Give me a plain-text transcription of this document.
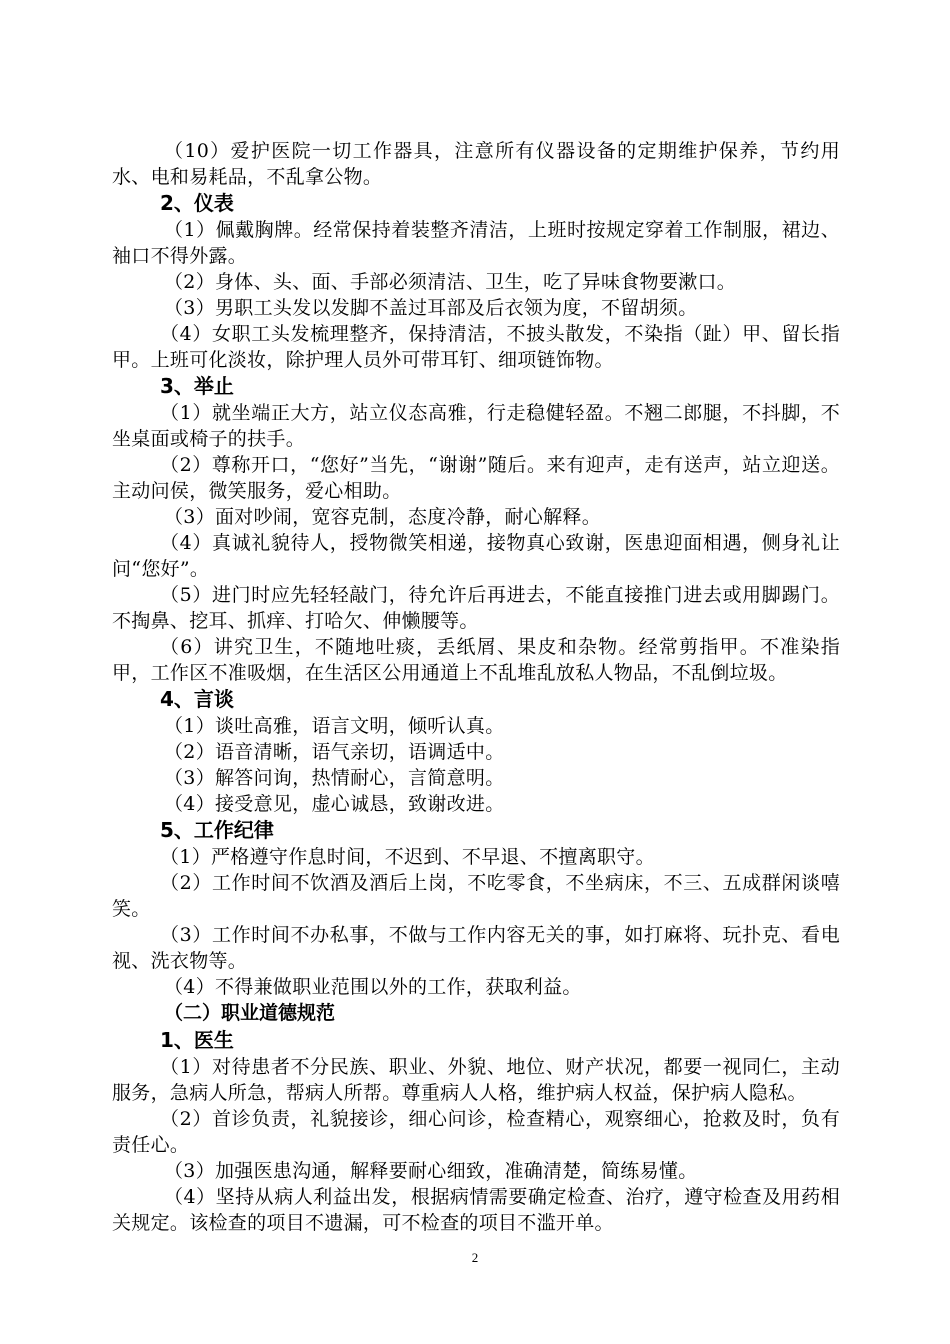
（10）爱护医院一切工作器具，注意所有仪器设备的定期维护保养，节约用水、电和易耗品，不乱拿公物。

2、仪表

（1）佩戴胸牌。经常保持着装整齐清洁，上班时按规定穿着工作制服，裙边、袖口不得外露。

（2）身体、头、面、手部必须清洁、卫生，吃了异味食物要漱口。

（3）男职工头发以发脚不盖过耳部及后衣领为度，不留胡须。

（4）女职工头发梳理整齐，保持清洁，不披头散发，不染指（趾）甲、留长指甲。上班可化淡妆，除护理人员外可带耳钉、细项链饰物。

3、举止

（1）就坐端正大方，站立仪态高雅，行走稳健轻盈。不翘二郎腿，不抖脚，不坐桌面或椅子的扶手。

（2）尊称开口，“您好”当先，“谢谢”随后。来有迎声，走有送声，站立迎送。主动问侯，微笑服务，爱心相助。

（3）面对吵闹，宽容克制，态度冷静，耐心解释。

（4）真诚礼貌待人，授物微笑相递，接物真心致谢，医患迎面相遇，侧身礼让问“您好”。

（5）进门时应先轻轻敲门，待允许后再进去，不能直接推门进去或用脚踢门。不掏鼻、挖耳、抓痒、打哈欠、伸懒腰等。

（6）讲究卫生，不随地吐痰，丢纸屑、果皮和杂物。经常剪指甲。不准染指甲，工作区不准吸烟，在生活区公用通道上不乱堆乱放私人物品，不乱倒垃圾。

4、言谈

（1）谈吐高雅，语言文明，倾听认真。

（2）语音清晰，语气亲切，语调适中。

（3）解答问询，热情耐心，言简意明。

（4）接受意见，虚心诚恳，致谢改进。

5、工作纪律

（1）严格遵守作息时间，不迟到、不早退、不擅离职守。

（2）工作时间不饮酒及酒后上岗，不吃零食，不坐病床，不三、五成群闲谈嘻笑。

（3）工作时间不办私事，不做与工作内容无关的事，如打麻将、玩扑克、看电视、洗衣物等。

（4）不得兼做职业范围以外的工作，获取利益。

（二）职业道德规范

1、医生

（1）对待患者不分民族、职业、外貌、地位、财产状况，都要一视同仁，主动服务，急病人所急，帮病人所帮。尊重病人人格，维护病人权益，保护病人隐私。

（2）首诊负责，礼貌接诊，细心问诊，检查精心，观察细心，抢救及时，负有责任心。

（3）加强医患沟通，解释要耐心细致，准确清楚，简练易懂。

（4）坚持从病人利益出发，根据病情需要确定检查、治疗，遵守检查及用药相关规定。该检查的项目不遗漏，可不检查的项目不滥开单。

2
